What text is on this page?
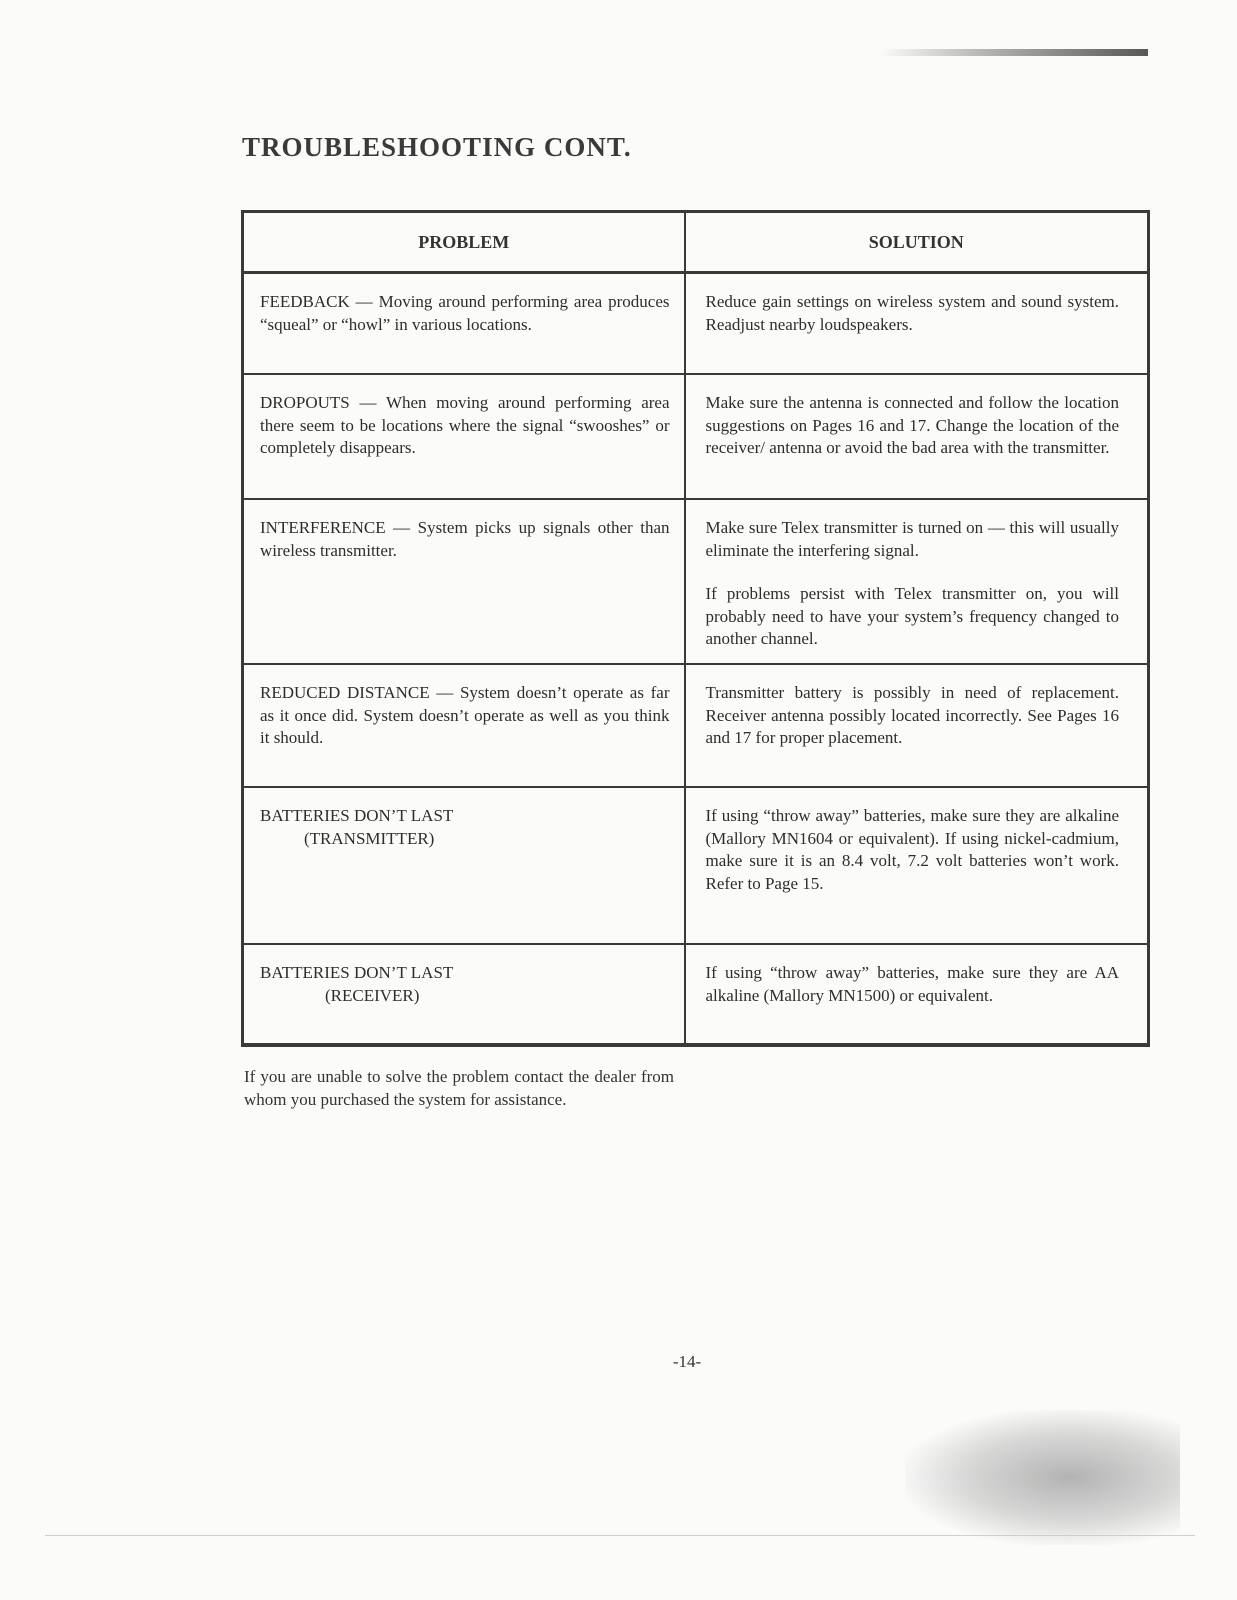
TROUBLESHOOTING CONT.
PROBLEM	SOLUTION
FEEDBACK — Moving around performing area produces “squeal” or “howl” in various locations.	Reduce gain settings on wireless system and sound system. Readjust nearby loudspeakers.

DROPOUTS — When moving around performing area there seem to be locations where the signal “swooshes” or completely disappears.	Make sure the antenna is connected and follow the location suggestions on Pages 16 and 17. Change the location of the receiver/ antenna or avoid the bad area with the transmitter.

INTERFERENCE — System picks up signals other than wireless transmitter.	Make sure Telex transmitter is turned on — this will usually eliminate the interfering signal.
If problems persist with Telex transmitter on, you will probably need to have your system’s frequency changed to another channel.

REDUCED DISTANCE — System doesn’t operate as far as it once did. System doesn’t operate as well as you think it should.	Transmitter battery is possibly in need of replacement. Receiver antenna possibly located incorrectly. See Pages 16 and 17 for proper placement.

BATTERIES DON’T LAST
(TRANSMITTER)	If using “throw away” batteries, make sure they are alkaline (Mallory MN1604 or equivalent). If using nickel-cadmium, make sure it is an 8.4 volt, 7.2 volt batteries won’t work. Refer to Page 15.

BATTERIES DON’T LAST
(RECEIVER)	If using “throw away” batteries, make sure they are AA alkaline (Mallory MN1500) or equivalent.
If you are unable to solve the problem contact the dealer from whom you purchased the system for assistance.
-14-
